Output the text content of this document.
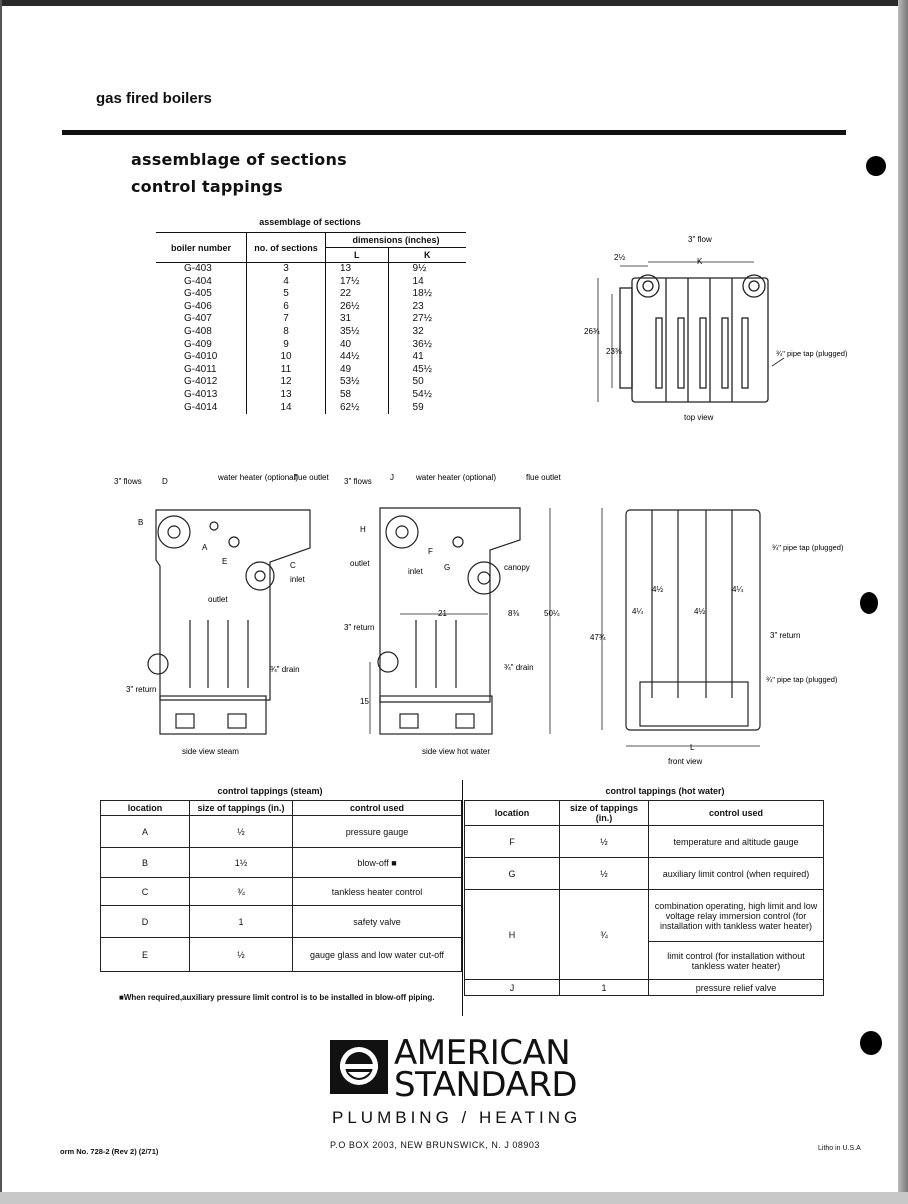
gas fired boilers
assemblage of sections
control tappings
assemblage of sections
boiler number	no. of sections	dimensions (inches)	
		L	K
G-403	3	13	9½
G-404	4	17½	14
G-405	5	22	18½
G-406	6	26½	23
G-407	7	31	27½
G-408	8	35½	32
G-409	9	40	36½
G-4010	10	44½	41
G-4011	11	49	45½
G-4012	12	53½	50
G-4013	13	58	54½
G-4014	14	62½	59
3" flow
K
2½
26¾
23⅜	¾" pipe tap (plugged)
top view
3" flows	D	water heater (optional)
flue outlet
B
A
E	C
inlet
outlet
¾" drain
3" return
side view steam
3" flows J	water heater (optional)	flue outlet
H
F
G
outlet
inlet	canopy
21	8⅜	50¼
3" return
15
¾" drain
side view hot water
¾" pipe tap (plugged)
4½
4¼
4¼
4½
47¾	3" return
¾" pipe tap (plugged)
L
front view
control tappings (steam)
location	size of tappings (in.)	control used
A	½	pressure gauge
B	1½	blow-off ■
C	¾	tankless heater control
D	1	safety valve
E	½	gauge glass and low water cut-off
■When required,auxiliary pressure limit control is to be installed in blow-off piping.
control tappings (hot water)
location	size of tappings (in.)	control used
F	½	temperature and altitude gauge
G	½	auxiliary limit control (when required)
H	¾	combination operating, high limit and low voltage relay immersion control (for installation with tankless water heater)
		limit control (for installation without tankless water heater)
J	1	pressure relief valve
AMERICAN
STANDARD
PLUMBING / HEATING
P.O BOX 2003, NEW BRUNSWICK, N. J 08903
orm No. 728-2 (Rev 2) (2/71)	Litho in U.S.A
